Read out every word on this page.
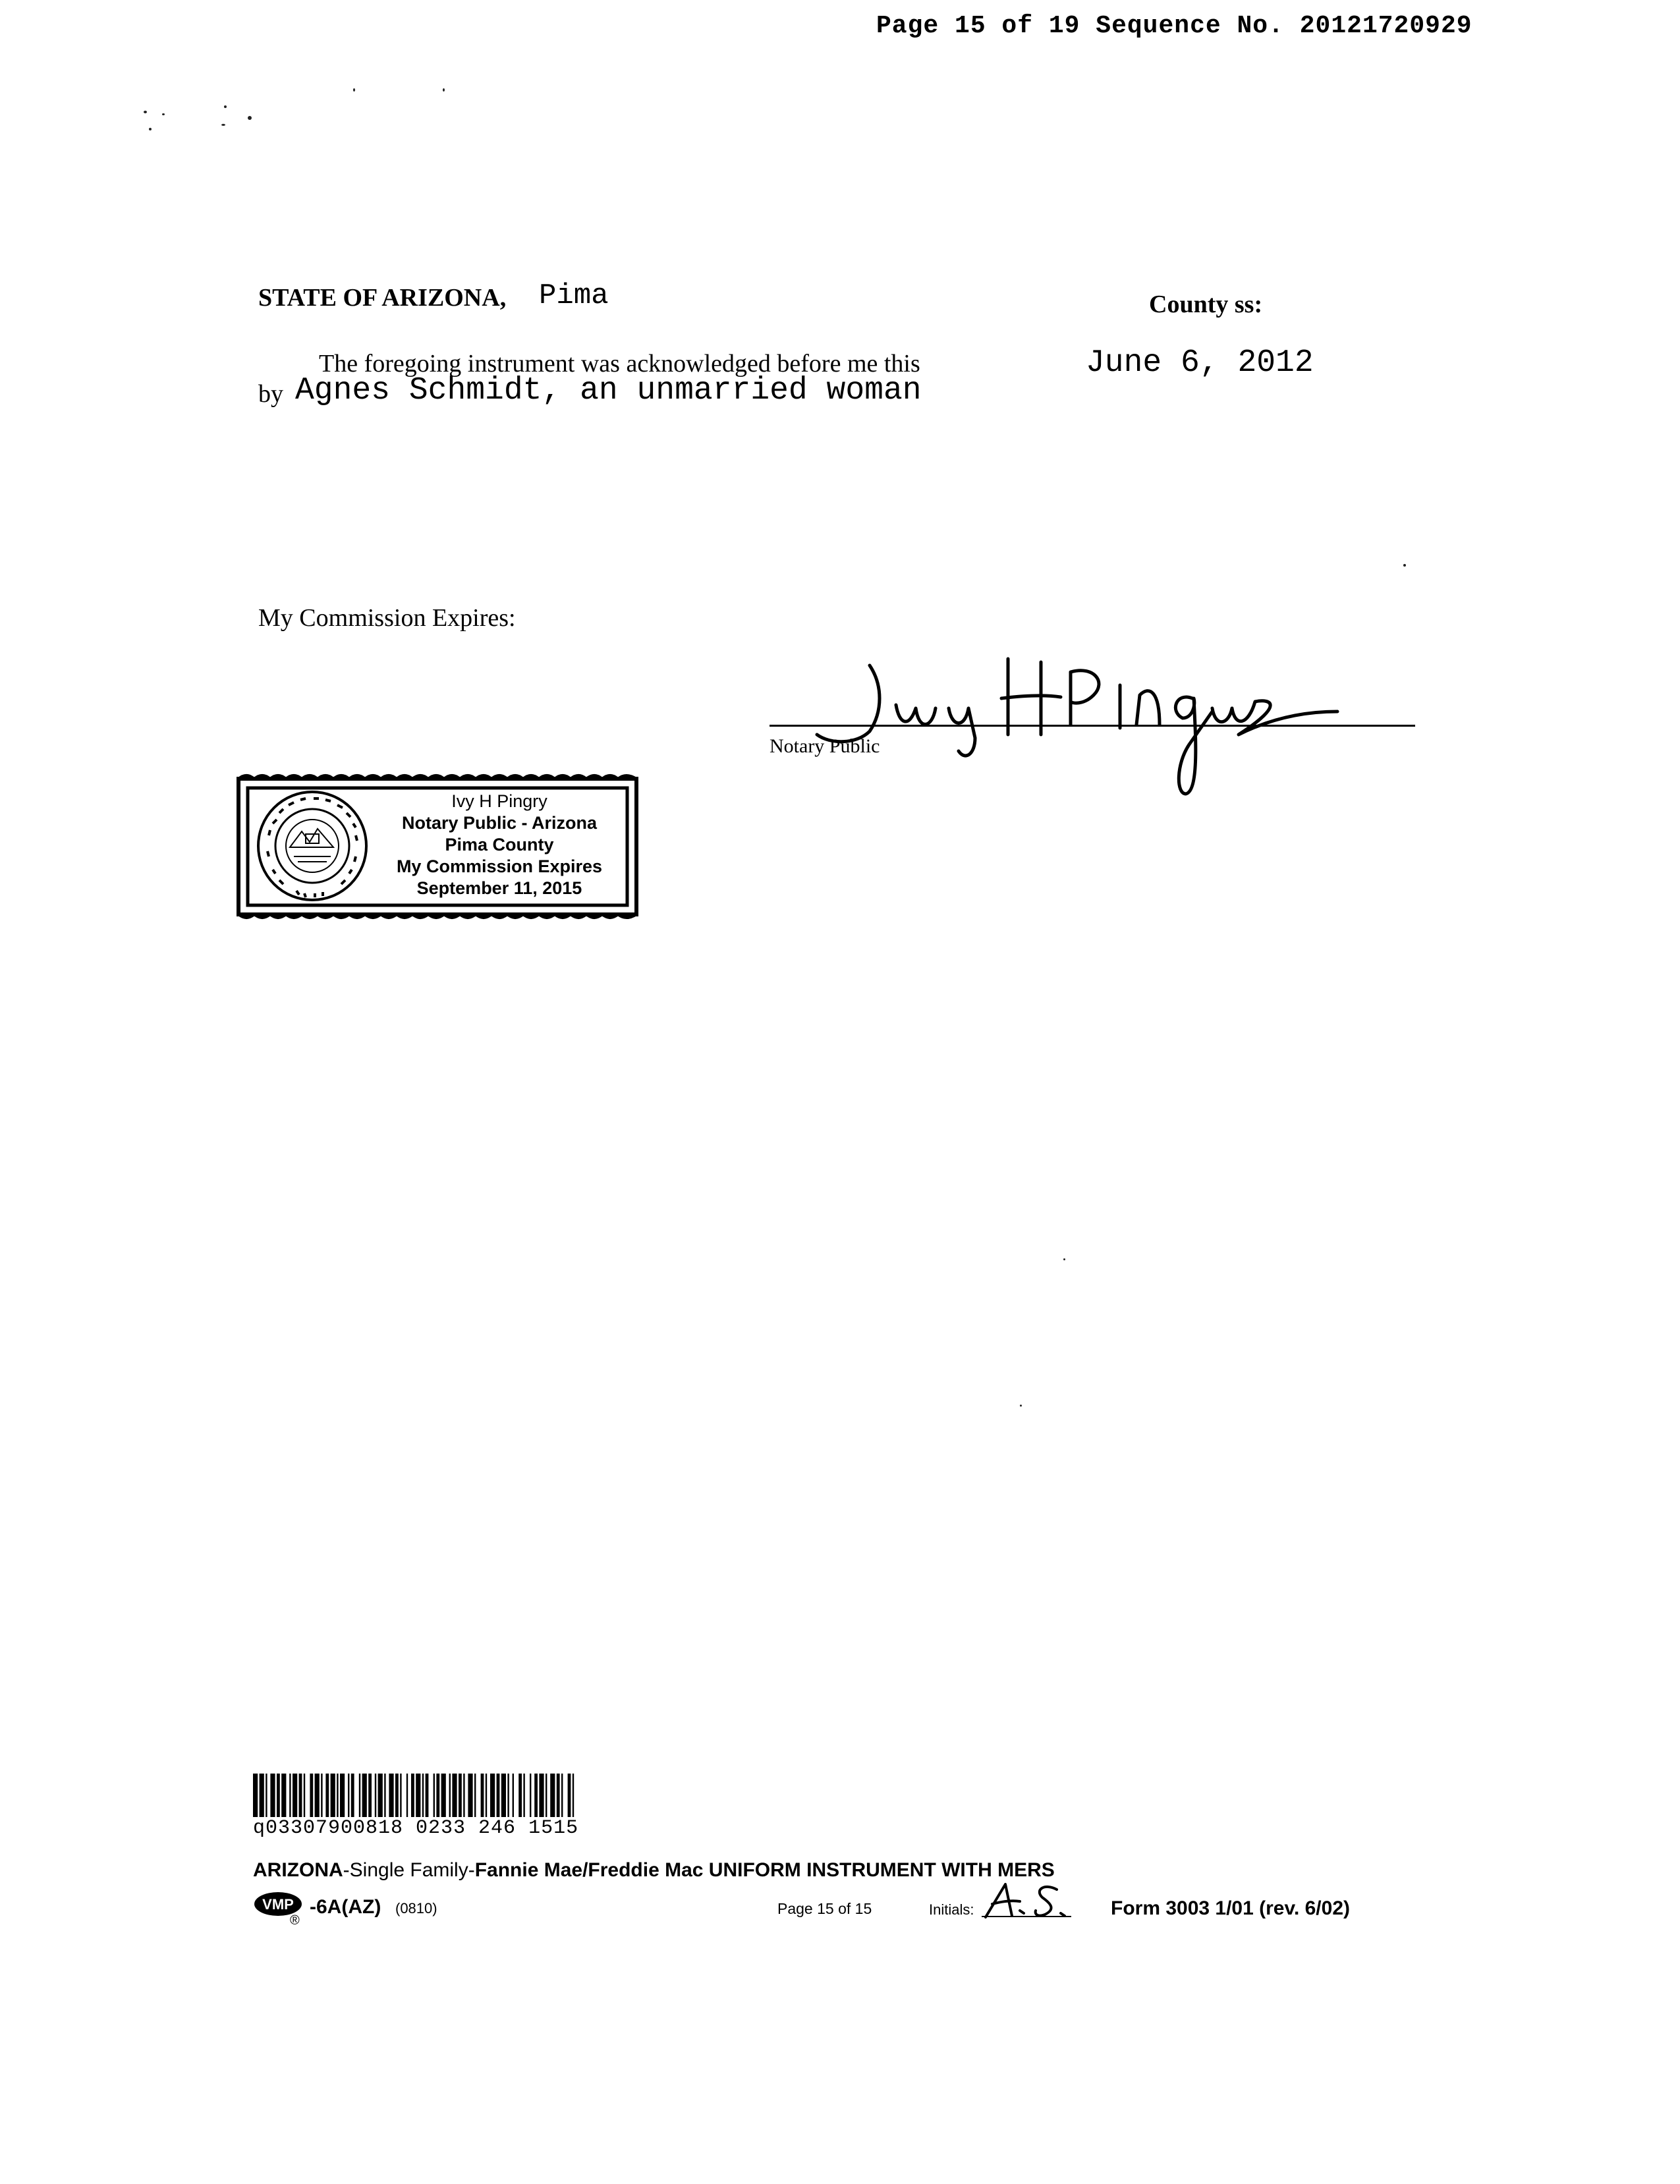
Page 15 of 19 Sequence No. 20121720929
STATE OF ARIZONA, Pima	County ss:
The foregoing instrument was acknowledged before me this	June 6, 2012
by Agnes Schmidt, an unmarried woman
My Commission Expires:
Notary Public
Ivy H Pingry
Notary Public - Arizona
Pima County
My Commission Expires
September 11, 2015
q03307900818 0233 246 1515
ARIZONA-Single Family-Fannie Mae/Freddie Mac UNIFORM INSTRUMENT WITH MERS
VMP
®
-6A(AZ) (0810)	Page 15 of 15	Initials:	Form 3003 1/01 (rev. 6/02)
